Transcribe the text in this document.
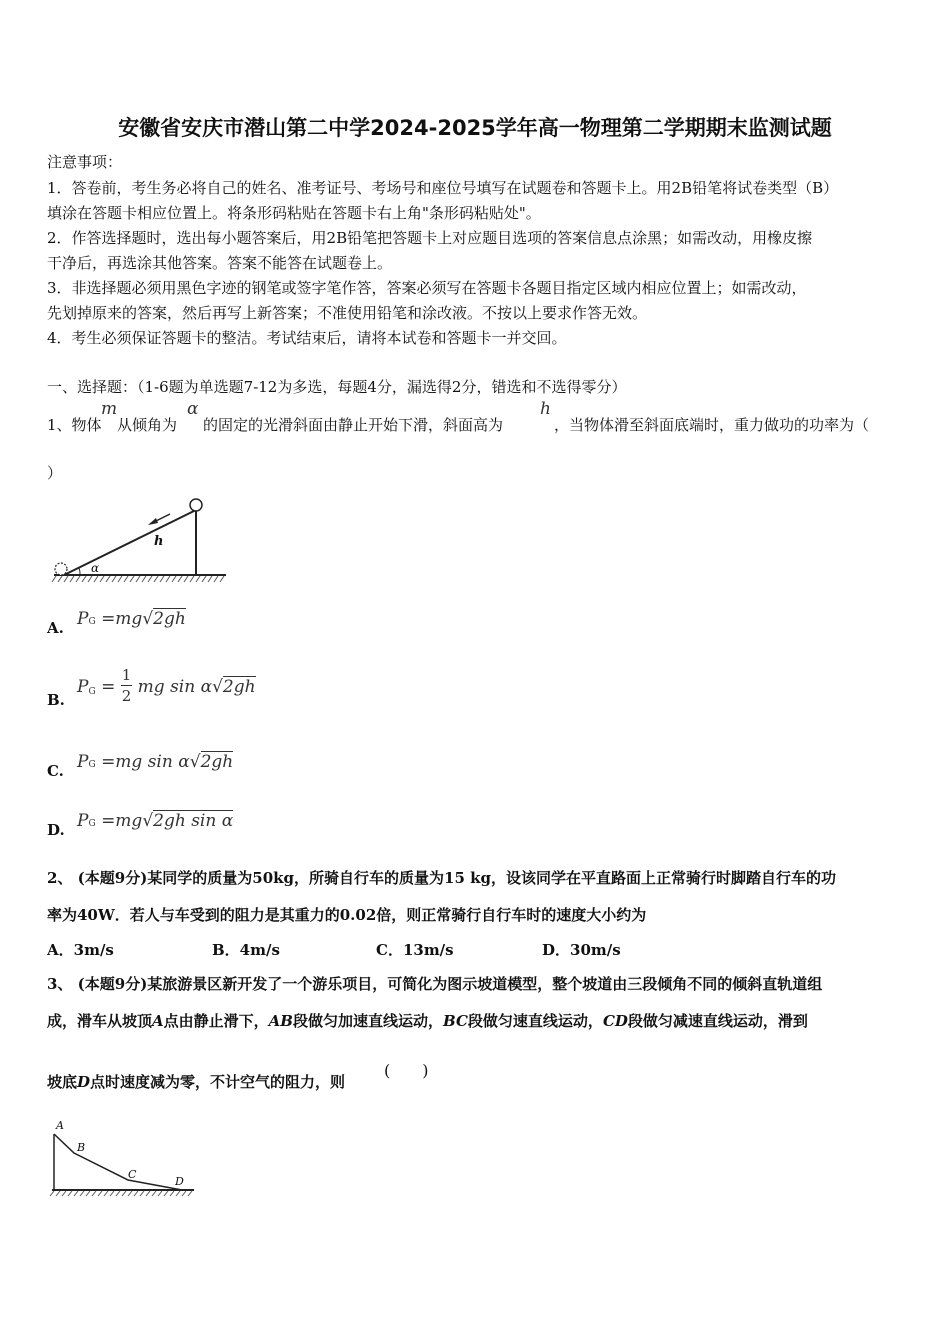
安徽省安庆市潜山第二中学2024-2025学年高一物理第二学期期末监测试题
注意事项：
1．答卷前，考生务必将自己的姓名、准考证号、考场号和座位号填写在试题卷和答题卡上。用2B铅笔将试卷类型（B）
填涂在答题卡相应位置上。将条形码粘贴在答题卡右上角"条形码粘贴处"。
2．作答选择题时，选出每小题答案后，用2B铅笔把答题卡上对应题目选项的答案信息点涂黑；如需改动，用橡皮擦
干净后，再选涂其他答案。答案不能答在试题卷上。
3．非选择题必须用黑色字迹的钢笔或签字笔作答，答案必须写在答题卡各题目指定区域内相应位置上；如需改动，
先划掉原来的答案，然后再写上新答案；不准使用铅笔和涂改液。不按以上要求作答无效。
4．考生必须保证答题卡的整洁。考试结束后，请将本试卷和答题卡一并交回。
一、选择题：（1-6题为单选题7-12为多选，每题4分，漏选得2分，错选和不选得零分）
1、物体
m
从倾角为
α
的固定的光滑斜面由静止开始下滑，斜面高为
h
，当物体滑至斜面底端时，重力做功的功率为（
）
h
α
A. PG =mg√2gh
B.
$P_G = \frac{1}{2}$ mg sin α√2gh
C. PG =mg sin α√2gh
D. PG =mg√2gh sin α
2、 (本题9分)某同学的质量为50kg，所骑自行车的质量为15 kg，设该同学在平直路面上正常骑行时脚踏自行车的功
率为40W．若人与车受到的阻力是其重力的0.02倍，则正常骑行自行车时的速度大小约为
A．3m/s	B．4m/s	C．13m/s	D．30m/s
3、 (本题9分)某旅游景区新开发了一个游乐项目，可简化为图示坡道模型，整个坡道由三段倾角不同的倾斜直轨道组
成，滑车从坡顶A点由静止滑下，AB段做匀加速直线运动，BC段做匀速直线运动，CD段做匀减速直线运动，滑到
坡底D点时速度减为零，不计空气的阻力，则
(　　)
A
B
C
D
